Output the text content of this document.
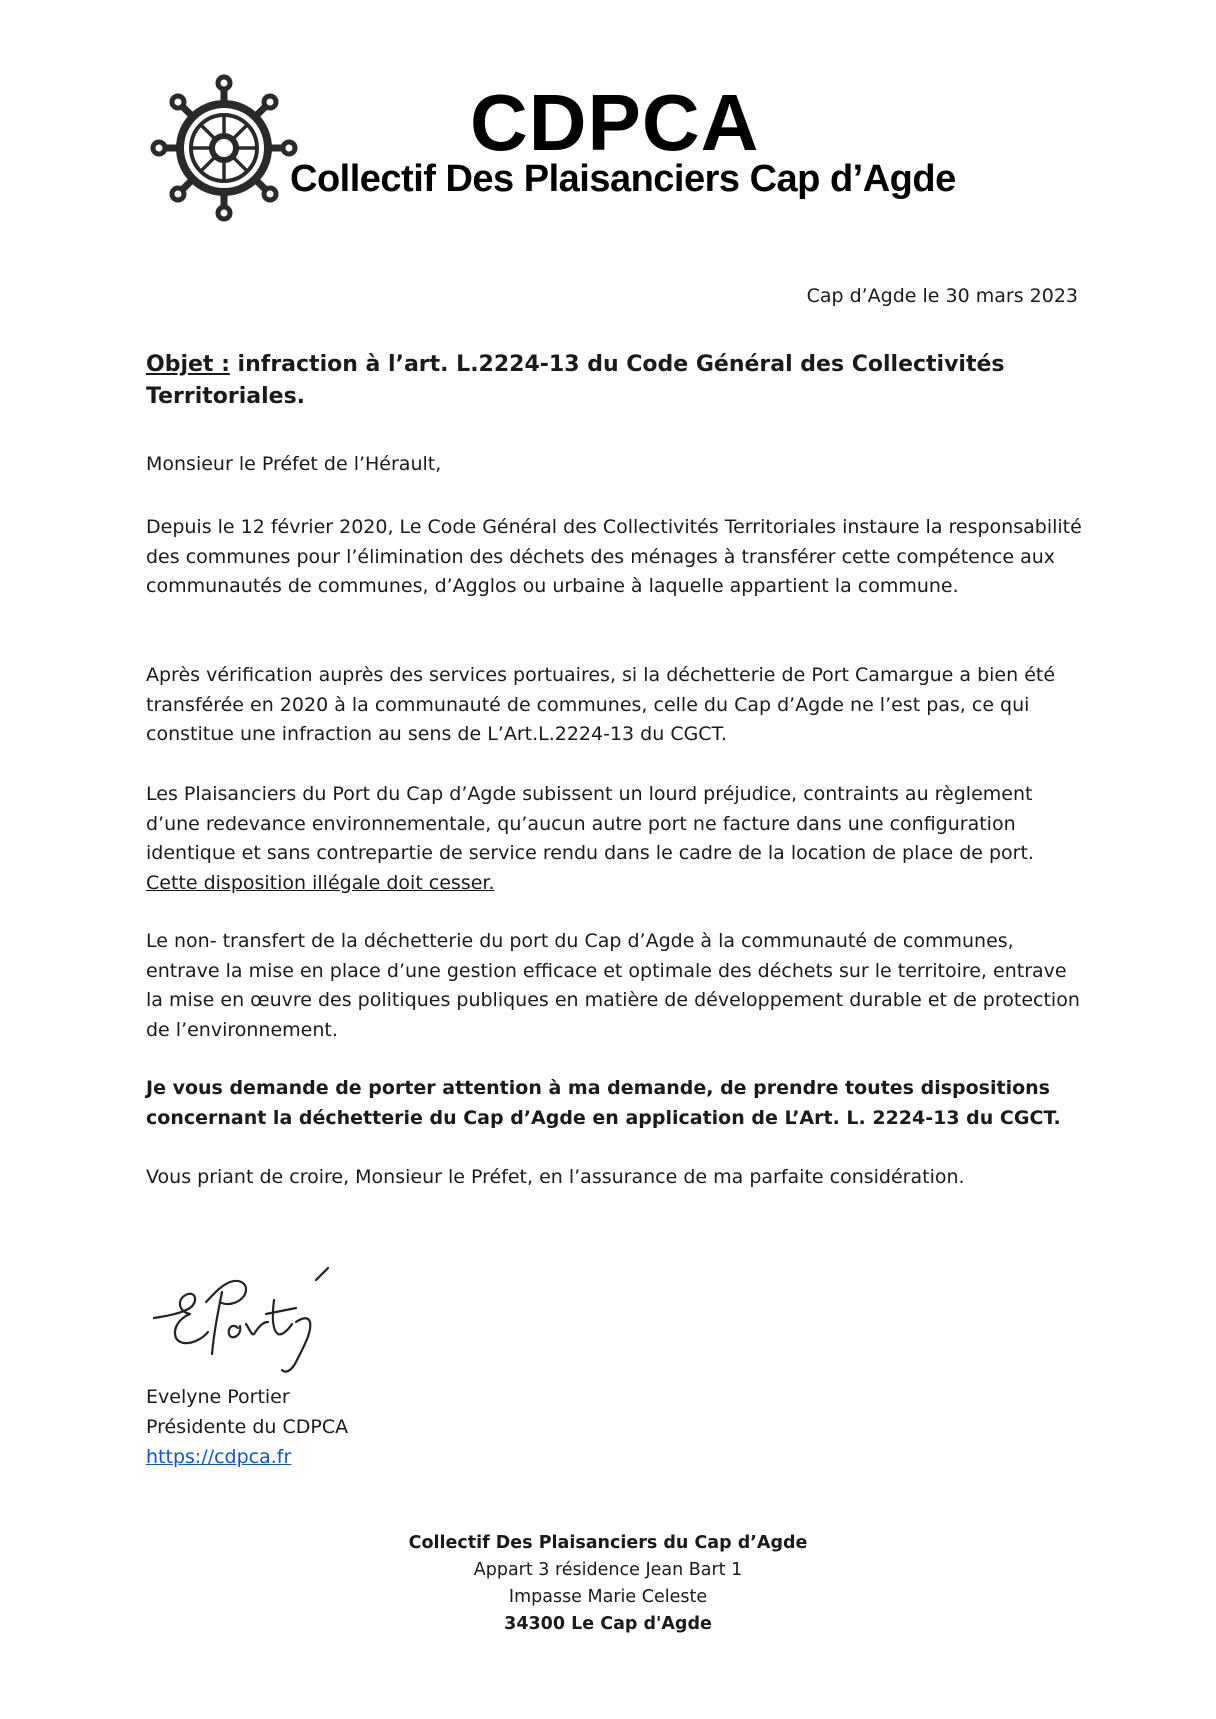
CDPCA
Collectif Des Plaisanciers Cap d’Agde
Cap d’Agde le 30 mars 2023
Objet : infraction à l’art. L.2224-13 du Code Général des Collectivités Territoriales.
Monsieur le Préfet de l’Hérault,
Depuis le 12 février 2020, Le Code Général des Collectivités Territoriales instaure la responsabilité des communes pour l’élimination des déchets des ménages à transférer cette compétence aux communautés de communes, d’Agglos ou urbaine à laquelle appartient la commune.
Après vérification auprès des services portuaires, si la déchetterie de Port Camargue a bien été transférée en 2020 à la communauté de communes, celle du Cap d’Agde ne l’est pas, ce qui constitue une infraction au sens de L’Art.L.2224-13 du CGCT.
Les Plaisanciers du Port du Cap d’Agde subissent un lourd préjudice, contraints au règlement d’une redevance environnementale, qu’aucun autre port ne facture dans une configuration identique et sans contrepartie de service rendu dans le cadre de la location de place de port.
Cette disposition illégale doit cesser.
Le non- transfert de la déchetterie du port du Cap d’Agde à la communauté de communes, entrave la mise en place d’une gestion efficace et optimale des déchets sur le territoire, entrave la mise en œuvre des politiques publiques en matière de développement durable et de protection de l’environnement.
Je vous demande de porter attention à ma demande, de prendre toutes dispositions concernant la déchetterie du Cap d’Agde en application de L’Art. L. 2224-13 du CGCT.
Vous priant de croire, Monsieur le Préfet, en l’assurance de ma parfaite considération.
Evelyne Portier
Présidente du CDPCA
https://cdpca.fr
Collectif Des Plaisanciers du Cap d’Agde
Appart 3 résidence Jean Bart 1
Impasse Marie Celeste
34300 Le Cap d'Agde
